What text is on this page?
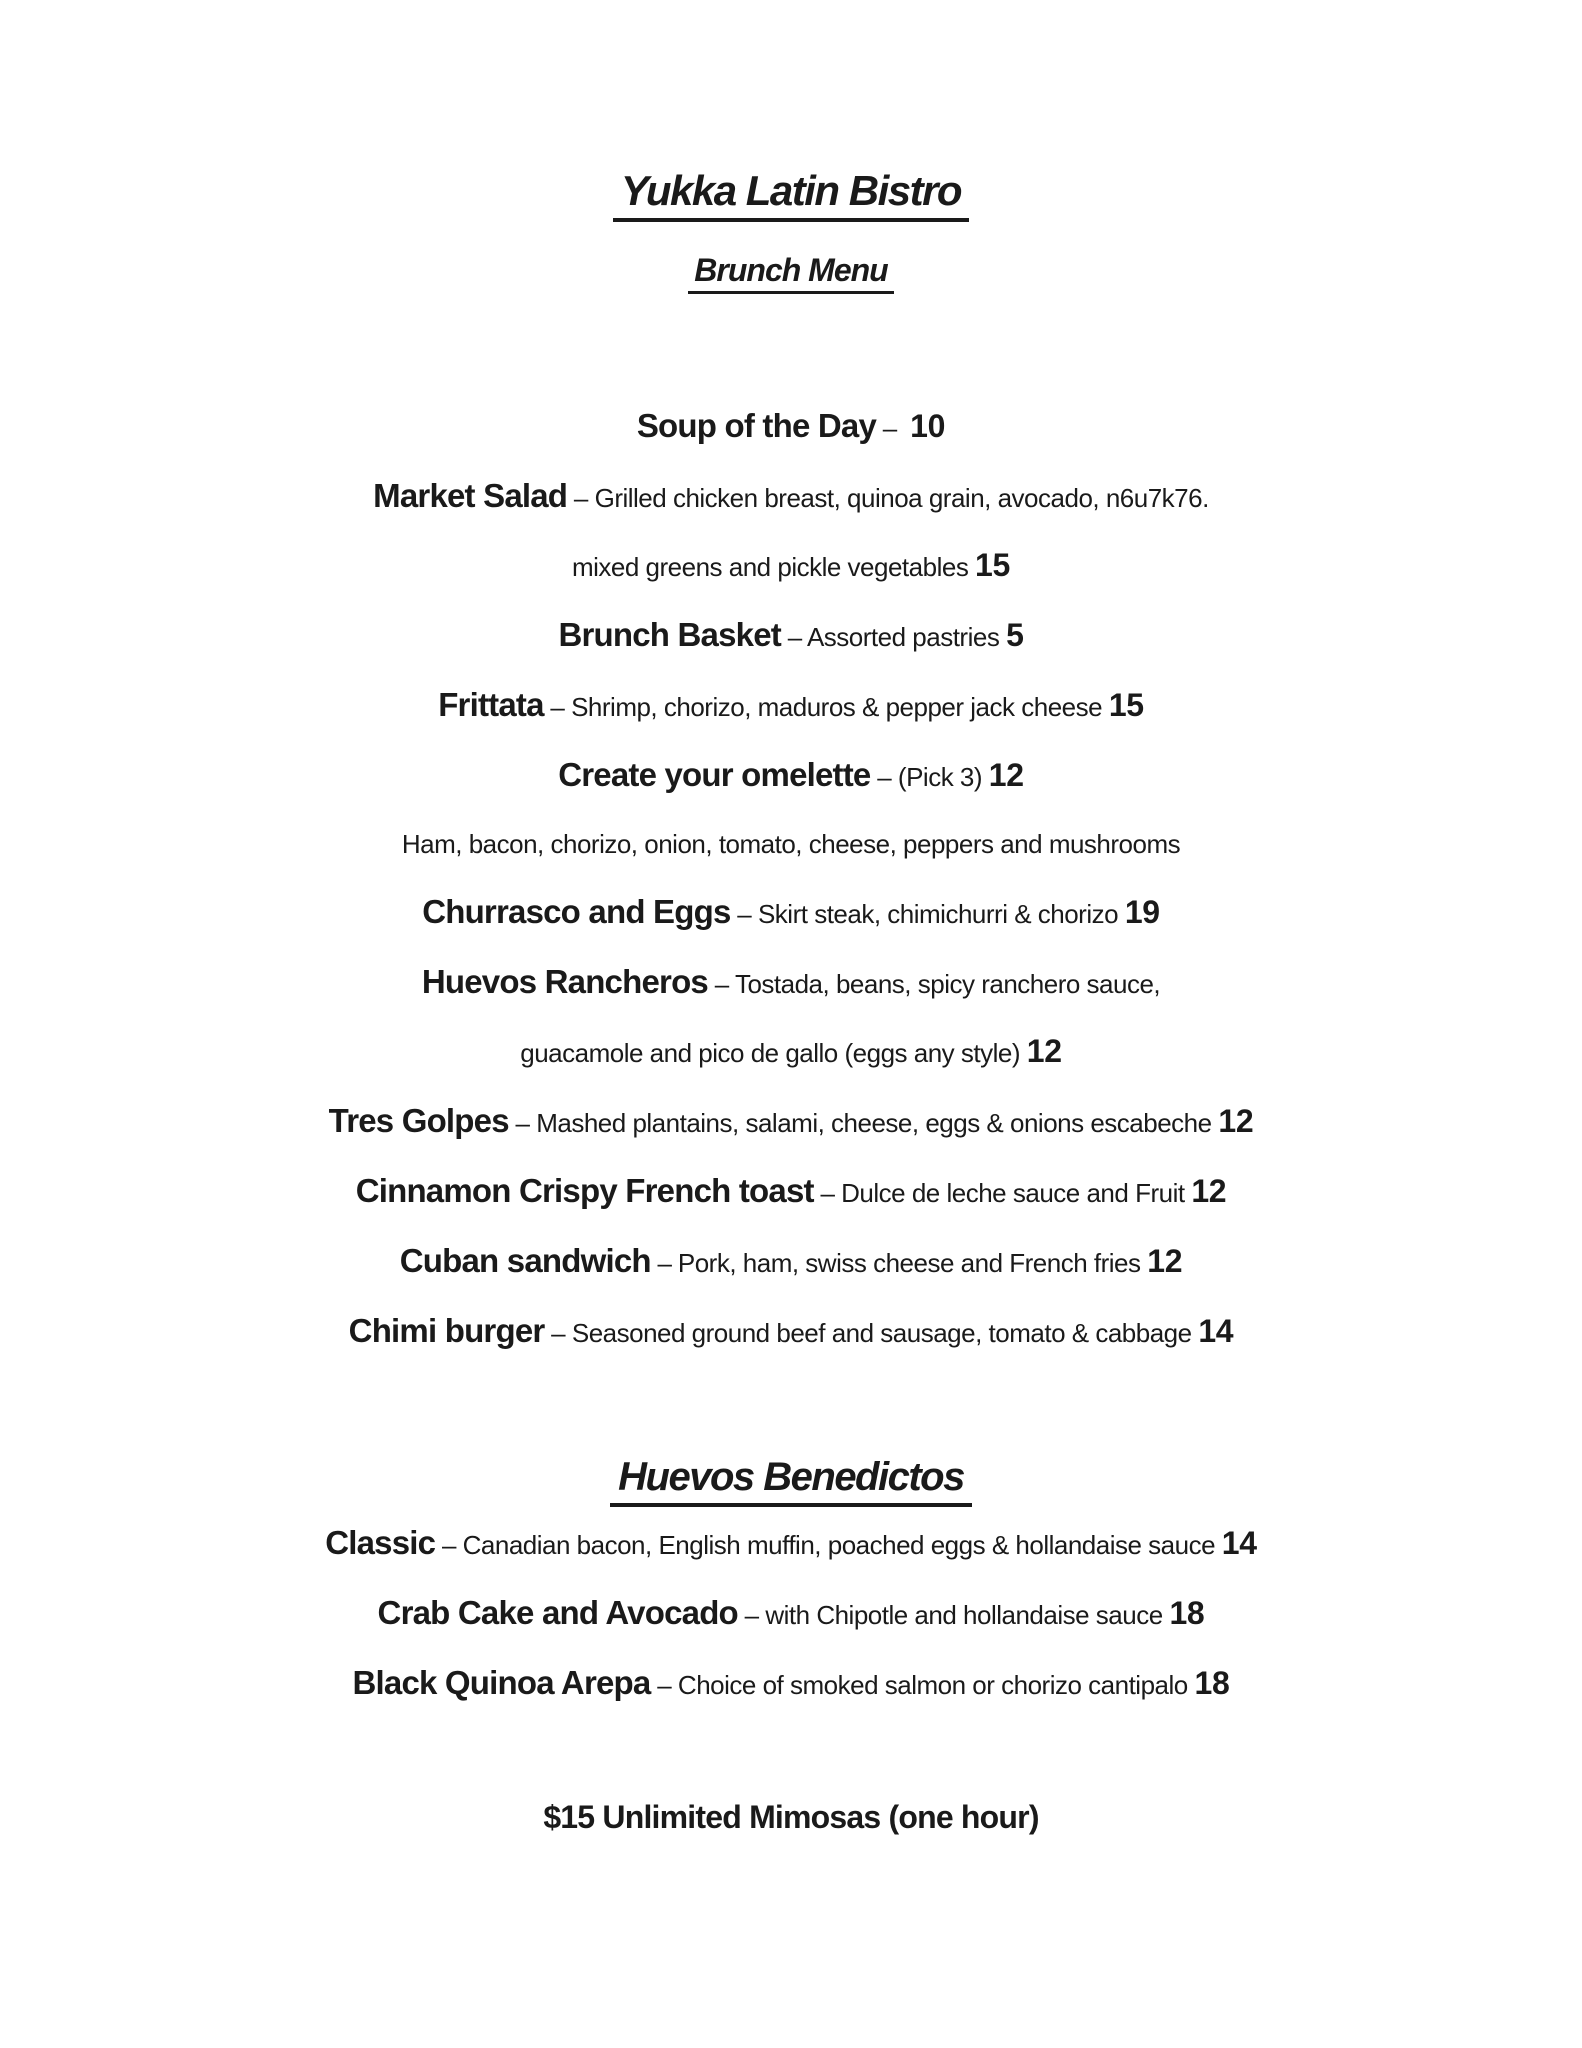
Yukka Latin Bistro
Brunch Menu

Soup of the Day – 10

Market Salad – Grilled chicken breast, quinoa grain, avocado, n6u7k76.

mixed greens and pickle vegetables 15

Brunch Basket – Assorted pastries 5

Frittata – Shrimp, chorizo, maduros & pepper jack cheese 15

Create your omelette – (Pick 3) 12

Ham, bacon, chorizo, onion, tomato, cheese, peppers and mushrooms

Churrasco and Eggs – Skirt steak, chimichurri & chorizo 19

Huevos Rancheros – Tostada, beans, spicy ranchero sauce,

guacamole and pico de gallo (eggs any style) 12

Tres Golpes – Mashed plantains, salami, cheese, eggs & onions escabeche 12

Cinnamon Crispy French toast – Dulce de leche sauce and Fruit 12

Cuban sandwich – Pork, ham, swiss cheese and French fries 12

Chimi burger – Seasoned ground beef and sausage, tomato & cabbage 14

Huevos Benedictos

Classic – Canadian bacon, English muffin, poached eggs & hollandaise sauce 14

Crab Cake and Avocado – with Chipotle and hollandaise sauce 18

Black Quinoa Arepa – Choice of smoked salmon or chorizo cantipalo 18

$15 Unlimited Mimosas (one hour)
